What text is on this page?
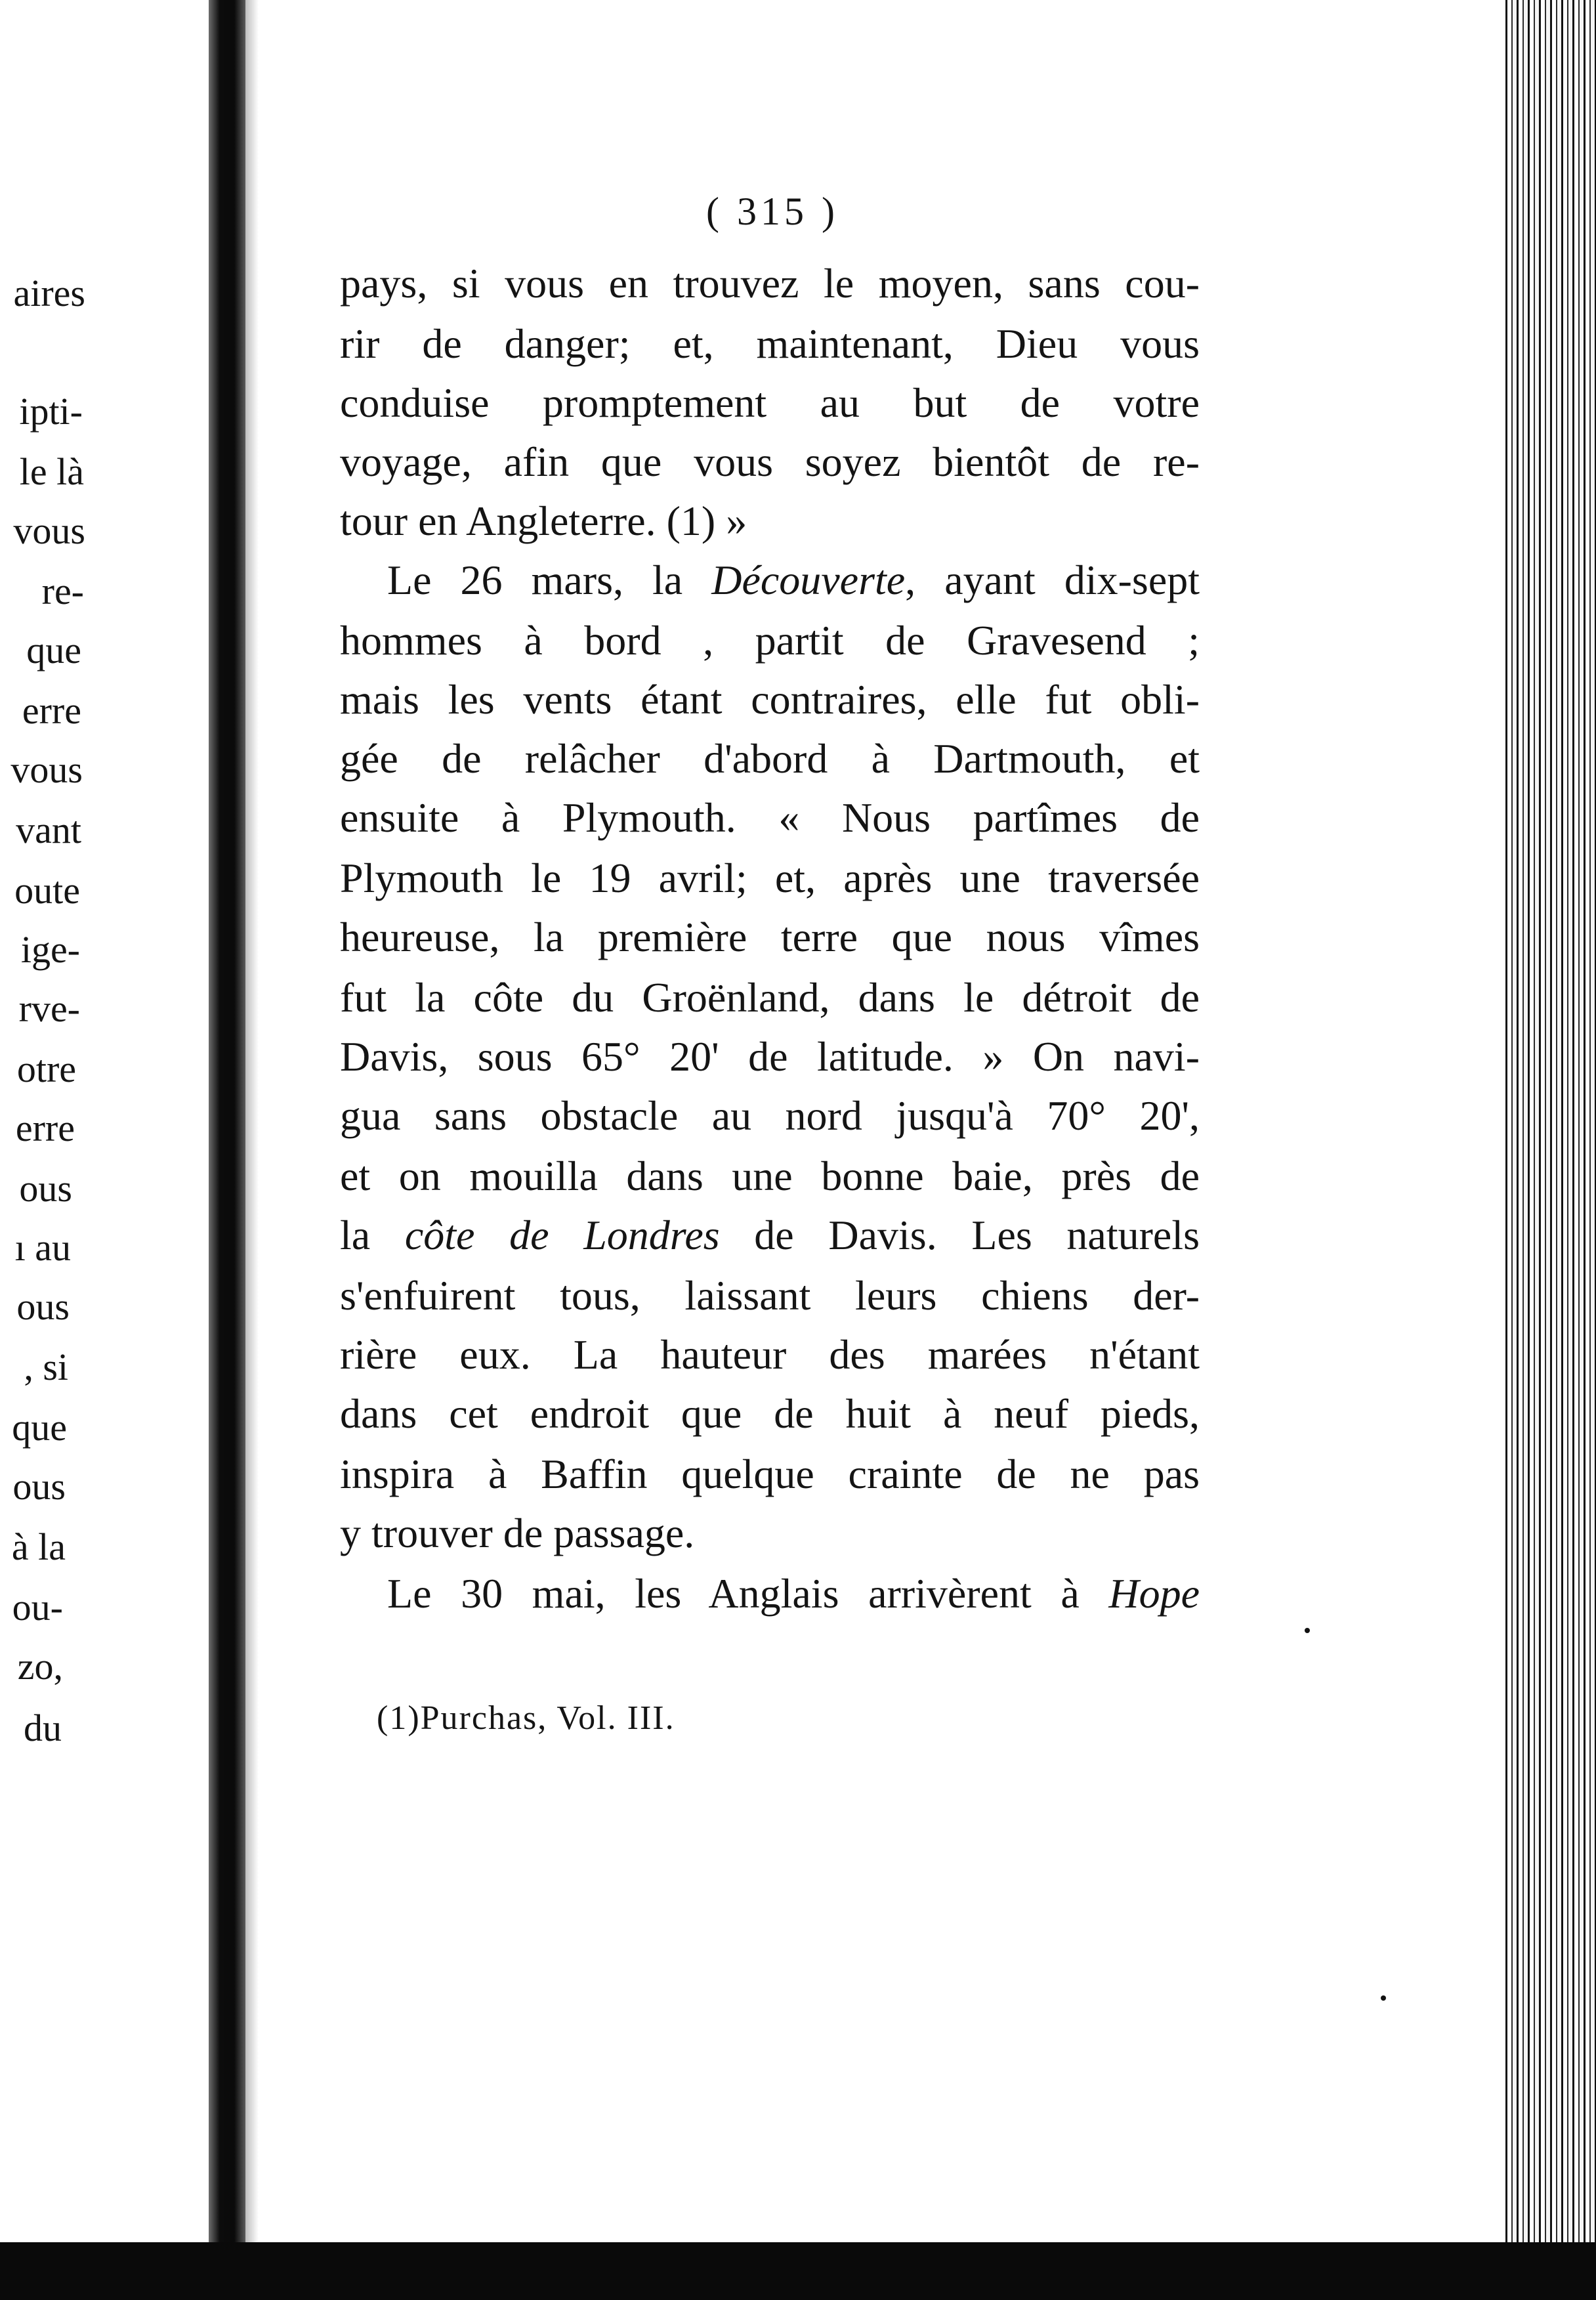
aires
ipti-
le là
vous
re-
que
erre
vous
vant
oute
ige-
rve-
otre
erre
ous
ı au
ous
, si
que
ous
à la
ou-
zo,
du
( 315 )
pays, si vous en trouvez le moyen, sans cou-
rir de danger; et, maintenant, Dieu vous
conduise promptement au but de votre
voyage, afin que vous soyez bientôt de re-
tour en Angleterre. (1) »
Le 26 mars, la Découverte, ayant dix-sept
hommes à bord , partit de Gravesend ;
mais les vents étant contraires, elle fut obli-
gée de relâcher d'abord à Dartmouth, et
ensuite à Plymouth. « Nous partîmes de
Plymouth le 19 avril; et, après une traversée
heureuse, la première terre que nous vîmes
fut la côte du Groënland, dans le détroit de
Davis, sous 65° 20' de latitude. » On navi-
gua sans obstacle au nord jusqu'à 70° 20',
et on mouilla dans une bonne baie, près de
la côte de Londres de Davis. Les naturels
s'enfuirent tous, laissant leurs chiens der-
rière eux. La hauteur des marées n'étant
dans cet endroit que de huit à neuf pieds,
inspira à Baffin quelque crainte de ne pas
y trouver de passage.
Le 30 mai, les Anglais arrivèrent à Hope
(1)Purchas, Vol. III.
